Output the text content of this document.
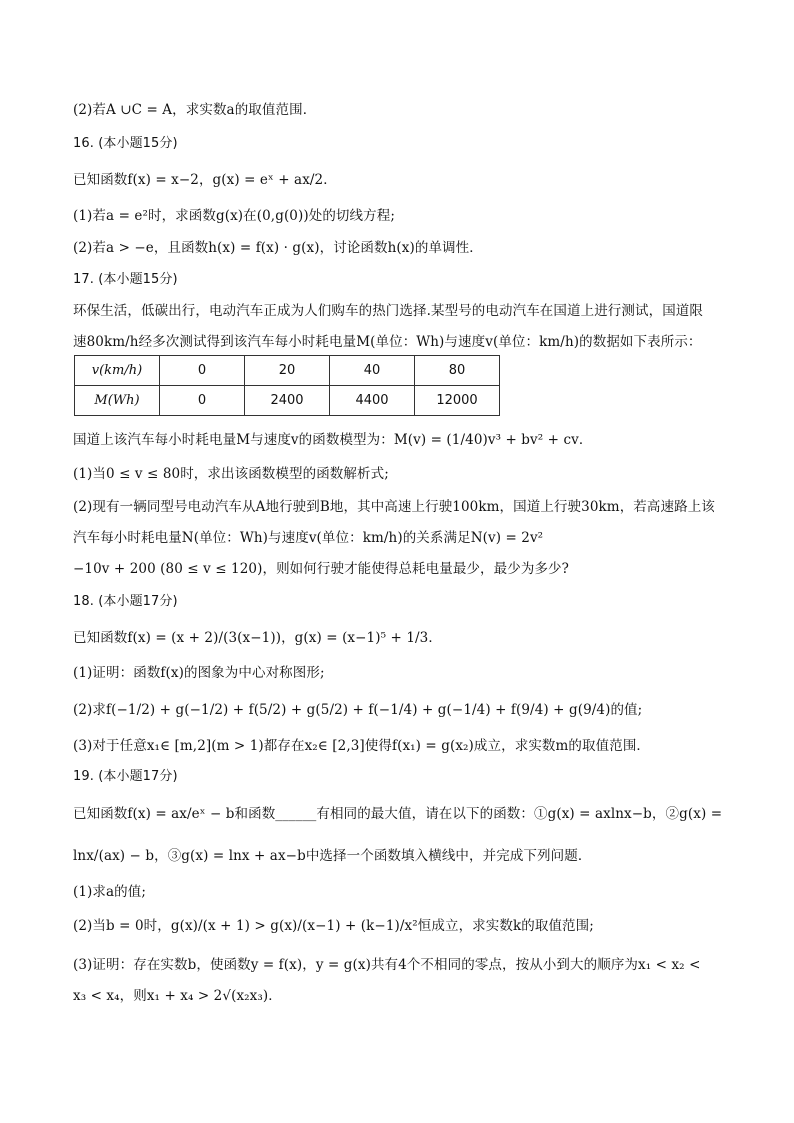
(2)若A ∪C = A，求实数a的取值范围．
16. (本小题15分)
已知函数f(x) = x−2，g(x) = eˣ + ax/2．
(1)若a = e²时，求函数g(x)在(0,g(0))处的切线方程;
(2)若a > −e，且函数h(x) = f(x) · g(x)，讨论函数h(x)的单调性．
17. (本小题15分)
环保生活，低碳出行，电动汽车正成为人们购车的热门选择.某型号的电动汽车在国道上进行测试，国道限
速80km/h经多次测试得到该汽车每小时耗电量M(单位：Wh)与速度v(单位：km/h)的数据如下表所示：
v(km/h)	0	20	40	80
M(Wh)	0	2400	4400	12000
国道上该汽车每小时耗电量M与速度v的函数模型为：M(v) = (1/40)v³ + bv² + cv．
(1)当0 ≤ v ≤ 80时，求出该函数模型的函数解析式;
(2)现有一辆同型号电动汽车从A地行驶到B地，其中高速上行驶100km，国道上行驶30km，若高速路上该
汽车每小时耗电量N(单位：Wh)与速度v(单位：km/h)的关系满足N(v) = 2v²
−10v + 200 (80 ≤ v ≤ 120)，则如何行驶才能使得总耗电量最少，最少为多少?
18. (本小题17分)
已知函数f(x) = (x + 2)/(3(x−1))，g(x) = (x−1)⁵ + 1/3．
(1)证明：函数f(x)的图象为中心对称图形;
(2)求f(−1/2) + g(−1/2) + f(5/2) + g(5/2) + f(−1/4) + g(−1/4) + f(9/4) + g(9/4)的值;
(3)对于任意x₁∈ [m,2](m > 1)都存在x₂∈ [2,3]使得f(x₁) = g(x₂)成立，求实数m的取值范围．
19. (本小题17分)
已知函数f(x) = ax/eˣ − b和函数______有相同的最大值，请在以下的函数：①g(x) = axlnx−b，②g(x) =
lnx/(ax) − b，③g(x) = lnx + ax−b中选择一个函数填入横线中，并完成下列问题．
(1)求a的值;
(2)当b = 0时，g(x)/(x + 1) > g(x)/(x−1) + (k−1)/x²恒成立，求实数k的取值范围;
(3)证明：存在实数b，使函数y = f(x)，y = g(x)共有4个不相同的零点，按从小到大的顺序为x₁ < x₂ <
x₃ < x₄，则x₁ + x₄ > 2√(x₂x₃)．
